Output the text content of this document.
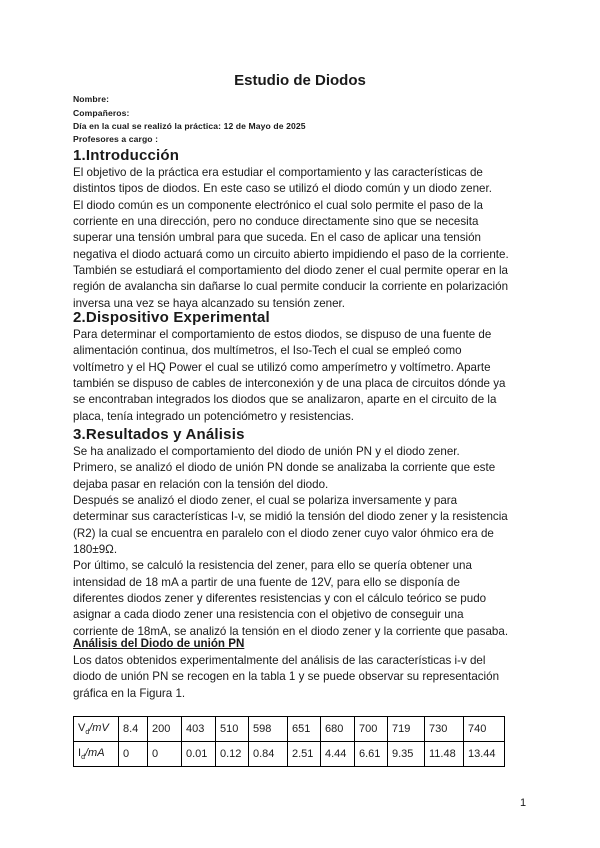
Estudio de Diodos
Nombre:
Compañeros:
Día en la cual se realizó la práctica: 12 de Mayo de 2025
Profesores a cargo :
1.Introducción
El objetivo de la práctica era estudiar el comportamiento y las características de
distintos tipos de diodos. En este caso se utilizó el diodo común y un diodo zener.
El diodo común es un componente electrónico el cual solo permite el paso de la
corriente en una dirección, pero no conduce directamente sino que se necesita
superar una tensión umbral para que suceda. En el caso de aplicar una tensión
negativa el diodo actuará como un circuito abierto impidiendo el paso de la corriente.
También se estudiará el comportamiento del diodo zener el cual permite operar en la
región de avalancha sin dañarse lo cual permite conducir la corriente en polarización
inversa una vez se haya alcanzado su tensión zener.
2.Dispositivo Experimental
Para determinar el comportamiento de estos diodos, se dispuso de una fuente de
alimentación continua, dos multímetros, el Iso-Tech el cual se empleó como
voltímetro y el HQ Power el cual se utilizó como amperímetro y voltímetro. Aparte
también se dispuso de cables de interconexión y de una placa de circuitos dónde ya
se encontraban integrados los diodos que se analizaron, aparte en el circuito de la
placa, tenía integrado un potenciómetro y resistencias.
3.Resultados y Análisis
Se ha analizado el comportamiento del diodo de unión PN y el diodo zener.
Primero, se analizó el diodo de unión PN donde se analizaba la corriente que este
dejaba pasar en relación con la tensión del diodo.
Después se analizó el diodo zener, el cual se polariza inversamente y para
determinar sus características I-v, se midió la tensión del diodo zener y la resistencia
(R2) la cual se encuentra en paralelo con el diodo zener cuyo valor óhmico era de
180±9Ω.
Por último, se calculó la resistencia del zener, para ello se quería obtener una
intensidad de 18 mA a partir de una fuente de 12V, para ello se disponía de
diferentes diodos zener y diferentes resistencias y con el cálculo teórico se pudo
asignar a cada diodo zener una resistencia con el objetivo de conseguir una
corriente de 18mA, se analizó la tensión en el diodo zener y la corriente que pasaba.
Análisis del Diodo de unión PN
Los datos obtenidos experimentalmente del análisis de las características i-v del
diodo de unión PN se recogen en la tabla 1 y se puede observar su representación
gráfica en la Figura 1.
$V_d/mV$	8.4	200	403	510	598	651	680	700	719	730	740
$I_d/mA$	0	0	0.01	0.12	0.84	2.51	4.44	6.61	9.35	11.48	13.44
1
